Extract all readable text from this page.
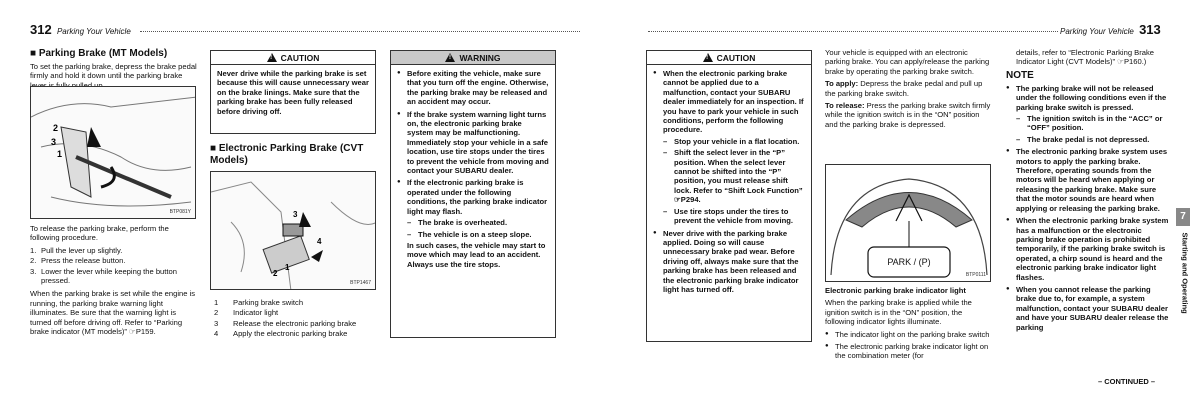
312 Parking Your Vehicle	Parking Your Vehicle 313
■ Parking Brake (MT Models)

To set the parking brake, depress the brake pedal firmly and hold it down until the parking brake

2
3
1
BTP081Y

To release the parking brake, perform the following procedure.

1. Pull the lever up slightly.
2. Press the release button.
3. Lower the lever while keeping the button pressed.

When the parking brake is set while the engine is running, the parking brake warning light illuminates. Be sure that the warning light is turned off before driving off. Refer to “Parking brake indicator (MT models)” ☞P159.

!
CAUTION
Never drive while the parking brake is set because this will cause unnecessary wear on the brake linings. Make sure that the parking brake has been fully released before driving off.
■ Electronic Parking Brake (CVT Models)
3
4
2
1
BTP1467
1 Parking brake switch
2 Indicator light
3 Release the electronic parking brake
4 Apply the electronic parking brake
!
WARNING
● Before exiting the vehicle, make sure that you turn off the engine. Otherwise, the parking brake may be released and an accident may occur.
● If the brake system warning light turns on, the electronic parking brake system may be malfunctioning. Immediately stop your vehicle in a safe location, use tire stops under the tires to prevent the vehicle from moving and contact your SUBARU dealer.
● If the electronic parking brake is operated under the following conditions, the parking brake indicator light may flash.
– The brake is overheated.
– The vehicle is on a steep slope.
In such cases, the vehicle may start to move which may lead to an accident. Always use the tire stops.
!
CAUTION
● When the electronic parking brake cannot be applied due to a malfunction, contact your SUBARU dealer immediately for an inspection. If you have to park your vehicle in such conditions, perform the following procedure.
– Stop your vehicle in a flat location.
– Shift the select lever in the “P” position. When the select lever cannot be shifted into the “P” position, you must release shift lock. Refer to “Shift Lock Function” ☞P294.
– Use tire stops under the tires to prevent the vehicle from moving.
● Never drive with the parking brake applied. Doing so will cause unnecessary brake pad wear. Before driving off, always make sure that the parking brake has been released and the electronic parking brake indicator light has turned off.

Your vehicle is equipped with an electronic parking brake. You can apply/release the parking brake by operating the parking brake switch.

To apply: Depress the brake pedal and pull up the parking brake switch.

To release: Press the parking brake switch firmly while the ignition switch is in the “ON” position and the parking brake is depressed.

PARK / (P)
BTP0111

Electronic parking brake indicator light

When the parking brake is applied while the ignition switch is in the “ON” position, the following indicator lights illuminate.

● The indicator light on the parking brake switch
● The electronic parking brake indicator light on the combination meter (for

details, refer to “Electronic Parking Brake Indicator Light (CVT Models)” ☞P160.)

NOTE
● The parking brake will not be released under the following conditions even if the parking brake switch is pressed.
– The ignition switch is in the “ACC” or “OFF” position.
– The brake pedal is not depressed.
● The electronic parking brake system uses motors to apply the parking brake. Therefore, operating sounds from the motors will be heard when applying or releasing the parking brake. Make sure that the motor sounds are heard when applying or releasing the parking brake.
● When the electronic parking brake system has a malfunction or the electronic parking brake operation is prohibited temporarily, if the parking brake switch is operated, a chirp sound is heard and the electronic parking brake indicator light flashes.
● When you cannot release the parking brake due to, for example, a system malfunction, contact your SUBARU dealer and have your SUBARU dealer release the parking
– CONTINUED –
7
Starting and Operating
